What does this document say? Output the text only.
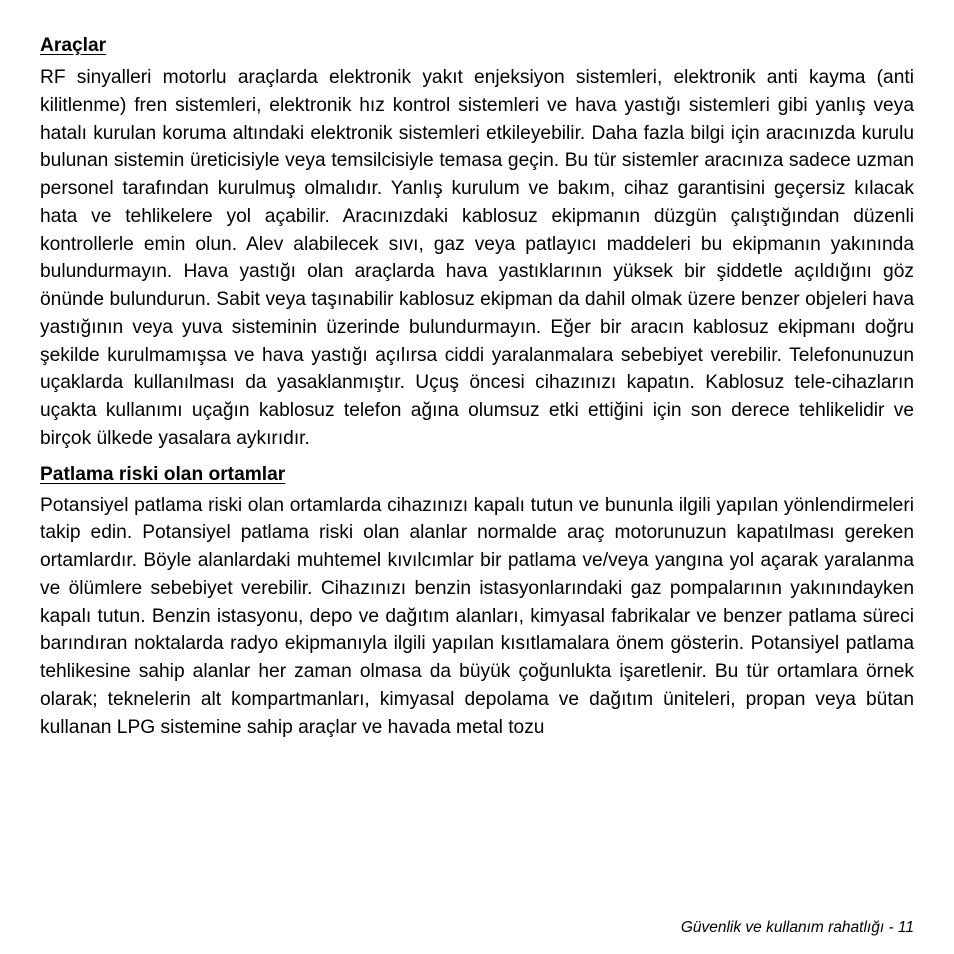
Araçlar

RF sinyalleri motorlu araçlarda elektronik yakıt enjeksiyon sistemleri, elektronik anti kayma (anti kilitlenme) fren sistemleri, elektronik hız kontrol sistemleri ve hava yastığı sistemleri gibi yanlış veya hatalı kurulan koruma altındaki elektronik sistemleri etkileyebilir. Daha fazla bilgi için aracınızda kurulu bulunan sistemin üreticisiyle veya temsilcisiyle temasa geçin. Bu tür sistemler aracınıza sadece uzman personel tarafından kurulmuş olmalıdır. Yanlış kurulum ve bakım, cihaz garantisini geçersiz kılacak hata ve tehlikelere yol açabilir. Aracınızdaki kablosuz ekipmanın düzgün çalıştığından düzenli kontrollerle emin olun. Alev alabilecek sıvı, gaz veya patlayıcı maddeleri bu ekipmanın yakınında bulundurmayın. Hava yastığı olan araçlarda hava yastıklarının yüksek bir şiddetle açıldığını göz önünde bulundurun. Sabit veya taşınabilir kablosuz ekipman da dahil olmak üzere benzer objeleri hava yastığının veya yuva sisteminin üzerinde bulundurmayın. Eğer bir aracın kablosuz ekipmanı doğru şekilde kurulmamışsa ve hava yastığı açılırsa ciddi yaralanmalara sebebiyet verebilir. Telefonunuzun uçaklarda kullanılması da yasaklanmıştır. Uçuş öncesi cihazınızı kapatın. Kablosuz tele-cihazların uçakta kullanımı uçağın kablosuz telefon ağına olumsuz etki ettiğini için son derece tehlikelidir ve birçok ülkede yasalara aykırıdır.

Patlama riski olan ortamlar

Potansiyel patlama riski olan ortamlarda cihazınızı kapalı tutun ve bununla ilgili yapılan yönlendirmeleri takip edin. Potansiyel patlama riski olan alanlar normalde araç motorunuzun kapatılması gereken ortamlardır. Böyle alanlardaki muhtemel kıvılcımlar bir patlama ve/veya yangına yol açarak yaralanma ve ölümlere sebebiyet verebilir. Cihazınızı benzin istasyonlarındaki gaz pompalarının yakınındayken kapalı tutun. Benzin istasyonu, depo ve dağıtım alanları, kimyasal fabrikalar ve benzer patlama süreci barındıran noktalarda radyo ekipmanıyla ilgili yapılan kısıtlamalara önem gösterin. Potansiyel patlama tehlikesine sahip alanlar her zaman olmasa da büyük çoğunlukta işaretlenir. Bu tür ortamlara örnek olarak; teknelerin alt kompartmanları, kimyasal depolama ve dağıtım üniteleri, propan veya bütan kullanan LPG sistemine sahip araçlar ve havada metal tozu

Güvenlik ve kullanım rahatlığı - 11
